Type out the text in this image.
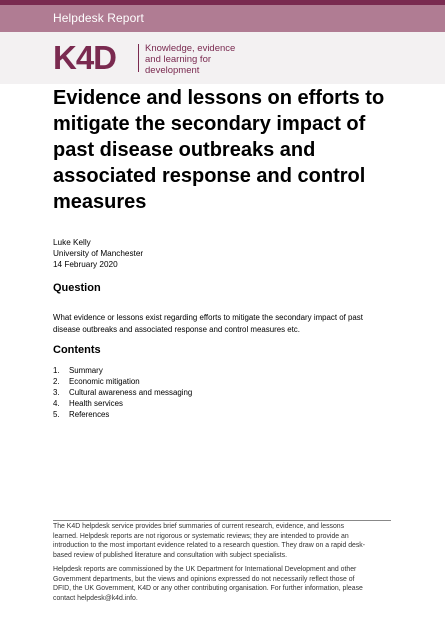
Helpdesk Report
K4D	Knowledge, evidence
and learning for
development
Evidence and lessons on efforts to
mitigate the secondary impact of
past disease outbreaks and
associated response and control
measures
Luke Kelly
University of Manchester
14 February 2020
Question
What evidence or lessons exist regarding efforts to mitigate the secondary impact of past
disease outbreaks and associated response and control measures etc.
Contents
1.	Summary
2.	Economic mitigation
3.	Cultural awareness and messaging
4.	Health services
5.	References
The K4D helpdesk service provides brief summaries of current research, evidence, and lessons
learned. Helpdesk reports are not rigorous or systematic reviews; they are intended to provide an
introduction to the most important evidence related to a research question. They draw on a rapid desk-
based review of published literature and consultation with subject specialists.
Helpdesk reports are commissioned by the UK Department for International Development and other
Government departments, but the views and opinions expressed do not necessarily reflect those of
DFID, the UK Government, K4D or any other contributing organisation. For further information, please
contact helpdesk@k4d.info.
